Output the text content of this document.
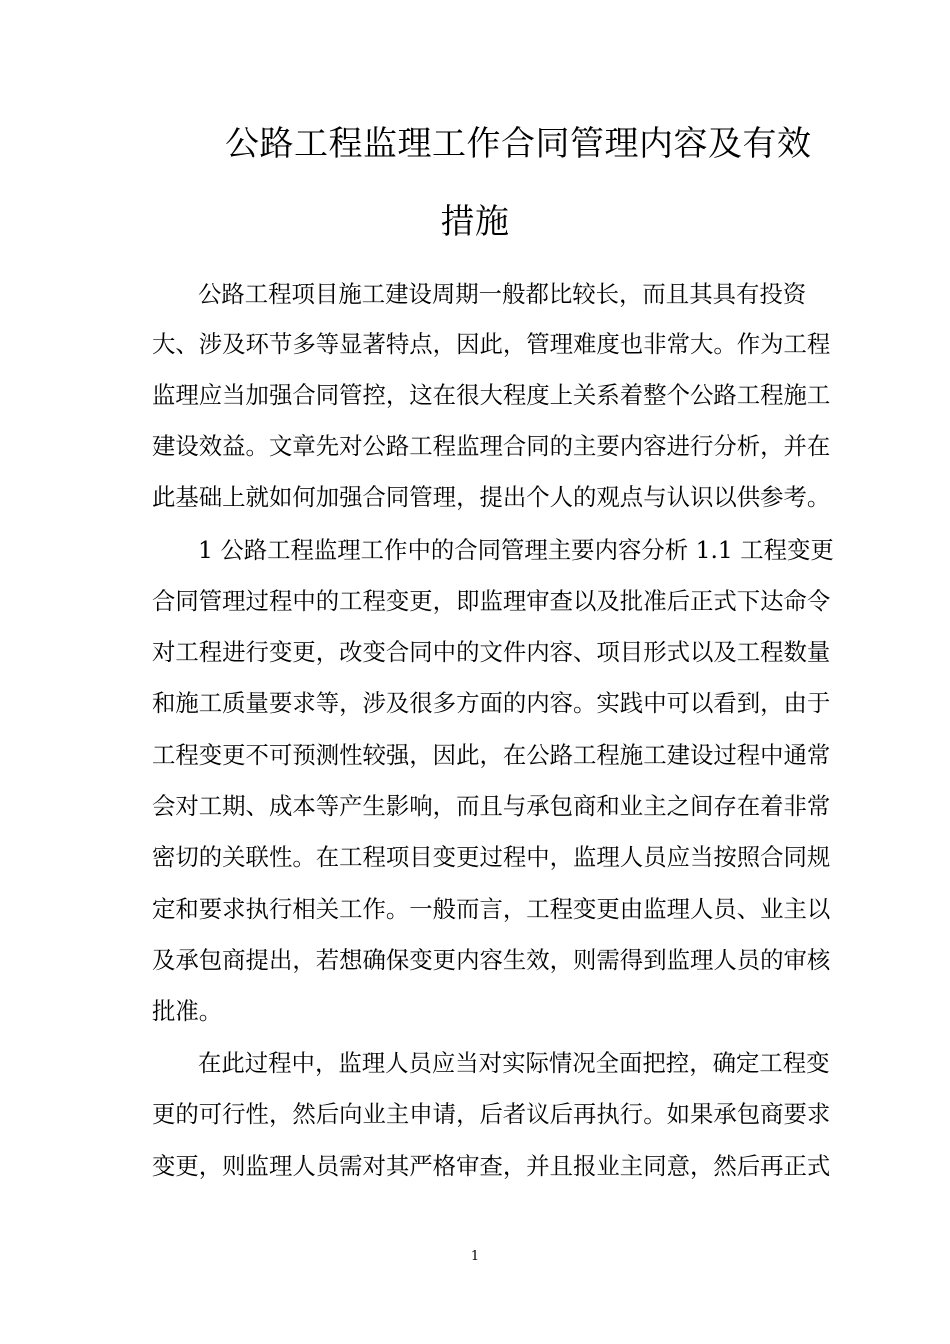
公路工程监理工作合同管理内容及有效
措施
公路工程项目施工建设周期一般都比较长，而且其具有投资
大、涉及环节多等显著特点，因此，管理难度也非常大。作为工程
监理应当加强合同管控，这在很大程度上关系着整个公路工程施工
建设效益。文章先对公路工程监理合同的主要内容进行分析，并在
此基础上就如何加强合同管理，提出个人的观点与认识以供参考。
1 公路工程监理工作中的合同管理主要内容分析 1.1 工程变更
合同管理过程中的工程变更，即监理审查以及批准后正式下达命令
对工程进行变更，改变合同中的文件内容、项目形式以及工程数量
和施工质量要求等，涉及很多方面的内容。实践中可以看到，由于
工程变更不可预测性较强，因此，在公路工程施工建设过程中通常
会对工期、成本等产生影响，而且与承包商和业主之间存在着非常
密切的关联性。在工程项目变更过程中，监理人员应当按照合同规
定和要求执行相关工作。一般而言，工程变更由监理人员、业主以
及承包商提出，若想确保变更内容生效，则需得到监理人员的审核
批准。
在此过程中，监理人员应当对实际情况全面把控，确定工程变
更的可行性，然后向业主申请，后者议后再执行。如果承包商要求
变更，则监理人员需对其严格审查，并且报业主同意，然后再正式
1
